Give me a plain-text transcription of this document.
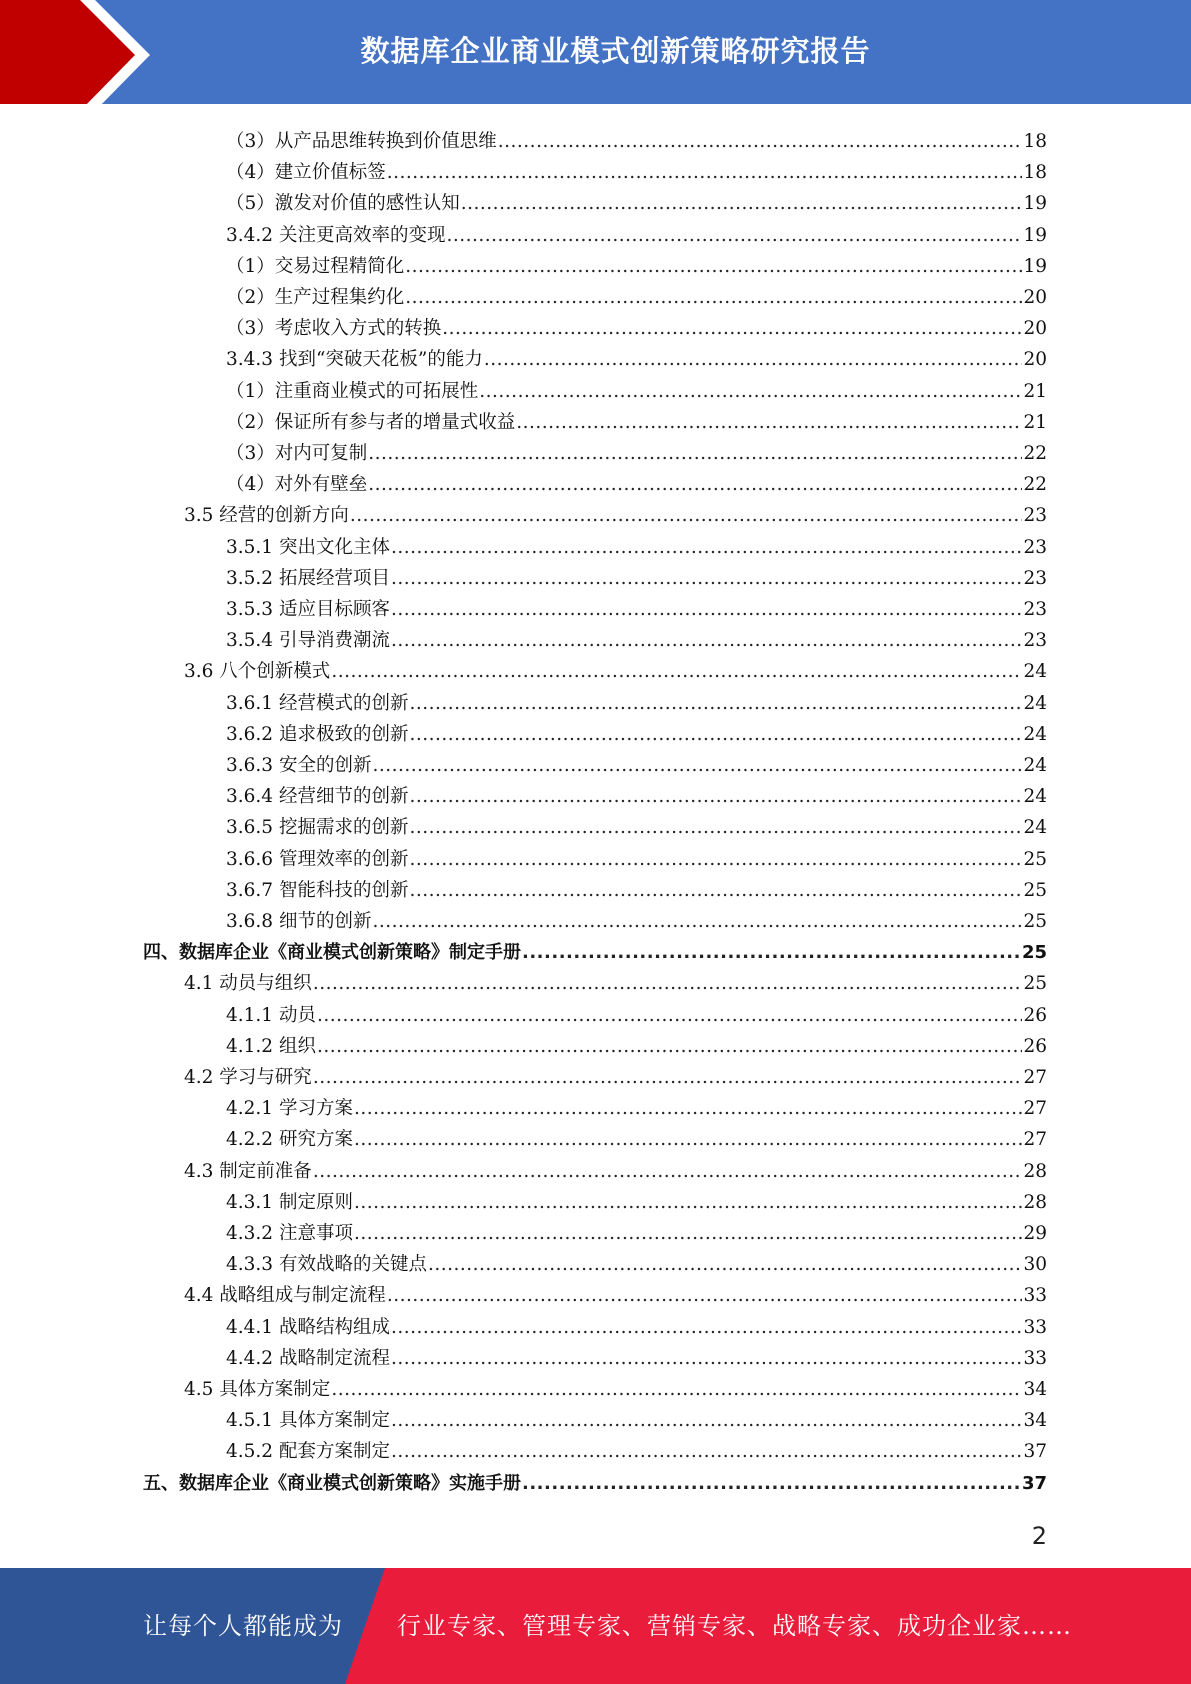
数据库企业商业模式创新策略研究报告
（3）从产品思维转换到价值思维 .....	18
（4）建立价值标签 .....	18
（5）激发对价值的感性认知 .....	19
3.4.2 关注更高效率的变现 .....	19
（1）交易过程精简化 .....	19
（2）生产过程集约化 .....	20
（3）考虑收入方式的转换 .....	20
3.4.3 找到“突破天花板”的能力 .....	20
（1）注重商业模式的可拓展性 .....	21
（2）保证所有参与者的增量式收益 .....	21
（3）对内可复制 .....	22
（4）对外有壁垒 .....	22
3.5 经营的创新方向 .....	23
3.5.1 突出文化主体 .....	23
3.5.2 拓展经营项目 .....	23
3.5.3 适应目标顾客 .....	23
3.5.4 引导消费潮流 .....	23
3.6 八个创新模式 .....	24
3.6.1 经营模式的创新 .....	24
3.6.2 追求极致的创新 .....	24
3.6.3 安全的创新 .....	24
3.6.4 经营细节的创新 .....	24
3.6.5 挖掘需求的创新 .....	24
3.6.6 管理效率的创新 .....	25
3.6.7 智能科技的创新 .....	25
3.6.8 细节的创新 .....	25
四、数据库企业《商业模式创新策略》制定手册 .....	25
4.1 动员与组织 .....	25
4.1.1 动员 .....	26
4.1.2 组织 .....	26
4.2 学习与研究 .....	27
4.2.1 学习方案 .....	27
4.2.2 研究方案 .....	27
4.3 制定前准备 .....	28
4.3.1 制定原则 .....	28
4.3.2 注意事项 .....	29
4.3.3 有效战略的关键点 .....	30
4.4 战略组成与制定流程 .....	33
4.4.1 战略结构组成 .....	33
4.4.2 战略制定流程 .....	33
4.5 具体方案制定 .....	34
4.5.1 具体方案制定 .....	34
4.5.2 配套方案制定 .....	37
五、数据库企业《商业模式创新策略》实施手册 .....	37
2
让每个人都能成为 行业专家、管理专家、营销专家、战略专家、成功企业家……
